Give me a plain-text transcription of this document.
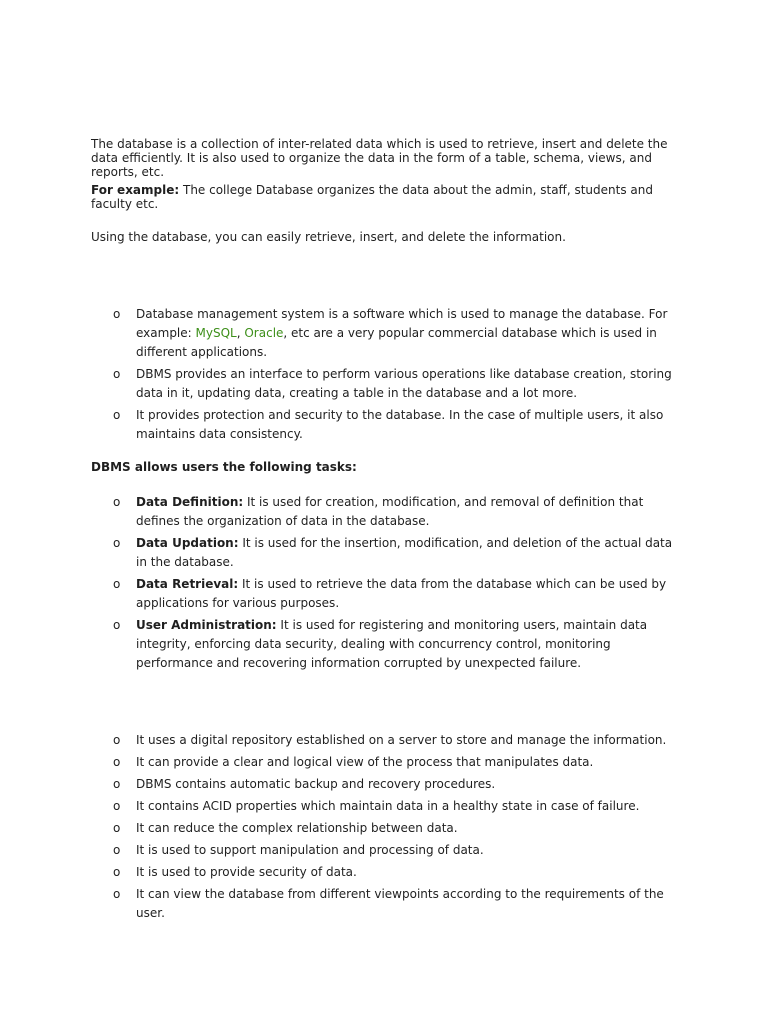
The database is a collection of inter-related data which is used to retrieve, insert and delete the data efficiently. It is also used to organize the data in the form of a table, schema, views, and reports, etc.

For example: The college Database organizes the data about the admin, staff, students and faculty etc.

Using the database, you can easily retrieve, insert, and delete the information.

o Database management system is a software which is used to manage the database. For example: MySQL, Oracle, etc are a very popular commercial database which is used in different applications.
o DBMS provides an interface to perform various operations like database creation, storing data in it, updating data, creating a table in the database and a lot more.
o It provides protection and security to the database. In the case of multiple users, it also maintains data consistency.

DBMS allows users the following tasks:

o Data Definition: It is used for creation, modification, and removal of definition that defines the organization of data in the database.
o Data Updation: It is used for the insertion, modification, and deletion of the actual data in the database.
o Data Retrieval: It is used to retrieve the data from the database which can be used by applications for various purposes.
o User Administration: It is used for registering and monitoring users, maintain data integrity, enforcing data security, dealing with concurrency control, monitoring performance and recovering information corrupted by unexpected failure.
o It uses a digital repository established on a server to store and manage the information.
o It can provide a clear and logical view of the process that manipulates data.
o DBMS contains automatic backup and recovery procedures.
o It contains ACID properties which maintain data in a healthy state in case of failure.
o It can reduce the complex relationship between data.
o It is used to support manipulation and processing of data.
o It is used to provide security of data.
o It can view the database from different viewpoints according to the requirements of the user.
